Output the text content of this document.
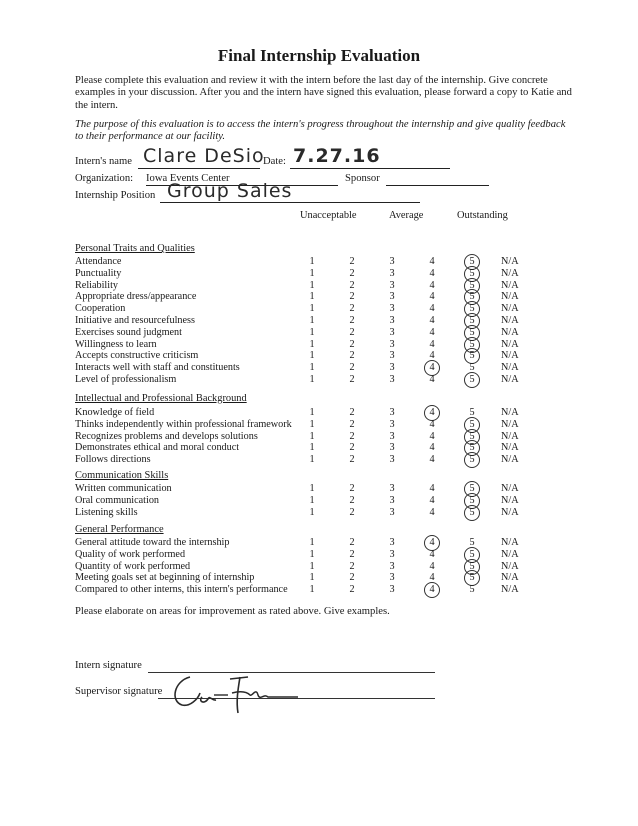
Final Internship Evaluation
Please complete this evaluation and review it with the intern before the last day of the internship. Give concrete examples in your discussion. After you and the intern have signed this evaluation, please forward a copy to Katie and the intern.
The purpose of this evaluation is to access the intern's progress throughout the internship and give quality feedback to their performance at our facility.
Intern's name Clare DeSio
Date: 7.27.16
Organization: Iowa Events Center	Sponsor
Internship Position Group Sales
Unacceptable	Average	Outstanding
Personal Traits and Qualities
Attendance	1	2	3	4	5	N/A
Punctuality	1	2	3	4	5	N/A
Reliability	1	2	3	4	5	N/A
Appropriate dress/appearance	1	2	3	4	5	N/A
Cooperation	1	2	3	4	5	N/A
Initiative and resourcefulness	1	2	3	4	5	N/A
Exercises sound judgment	1	2	3	4	5	N/A
Willingness to learn	1	2	3	4	5	N/A
Accepts constructive criticism	1	2	3	4	5	N/A
Interacts well with staff and constituents	1	2	3	4	5	N/A
Level of professionalism	1	2	3	4	5	N/A
Intellectual and Professional Background
Knowledge of field	1	2	3	4	5	N/A
Thinks independently within professional framework 1	2	3	4	5	N/A
Recognizes problems and develops solutions	1	2	3	4	5	N/A
Demonstrates ethical and moral conduct	1	2	3	4	5	N/A
Follows directions	1	2	3	4	5	N/A
Communication Skills
Written communication	1	2	3	4	5	N/A
Oral communication	1	2	3	4	5	N/A
Listening skills	1	2	3	4	5	N/A
General Performance
General attitude toward the internship	1	2	3	4	5	N/A
Quality of work performed	1	2	3	4	5	N/A
Quantity of work performed	1	2	3	4	5	N/A
Meeting goals set at beginning of internship	1	2	3	4	5	N/A
Compared to other interns, this intern's performance 1	2	3	4	5	N/A
Please elaborate on areas for improvement as rated above. Give examples.
Intern signature
Supervisor signature
